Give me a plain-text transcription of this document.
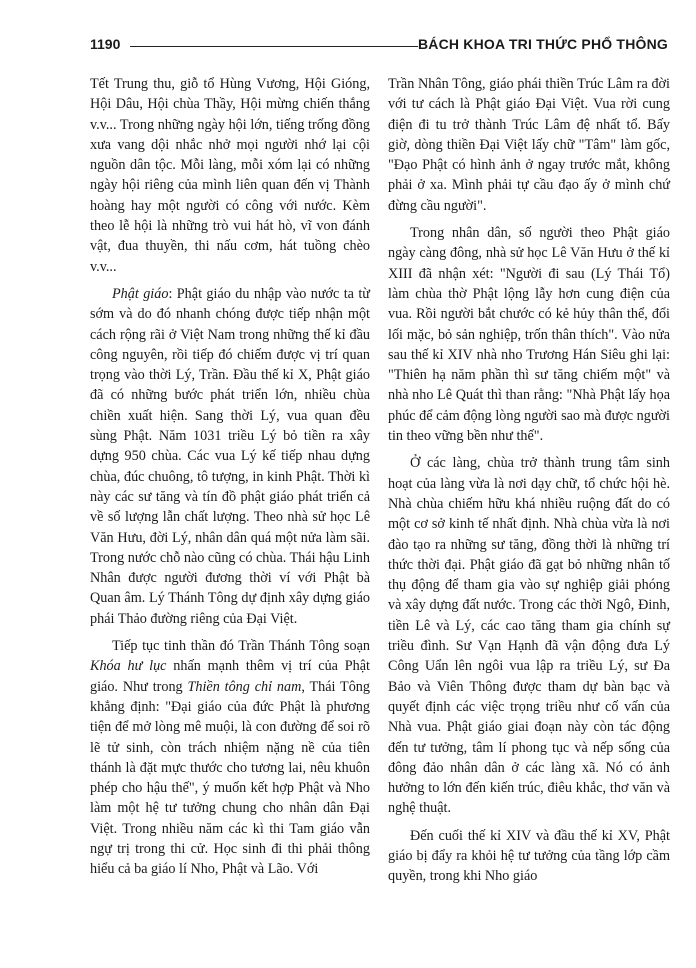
1190	BÁCH KHOA TRI THỨC PHỔ THÔNG

Tết Trung thu, giỗ tổ Hùng Vương, Hội Gióng, Hội Dâu, Hội chùa Thầy, Hội mừng chiến thắng v.v... Trong những ngày hội lớn, tiếng trống đồng xưa vang dội nhắc nhở mọi người nhớ lại cội nguồn dân tộc. Mỗi làng, mỗi xóm lại có những ngày hội riêng của mình liên quan đến vị Thành hoàng hay một người có công với nước. Kèm theo lễ hội là những trò vui hát hò, vĩ von đánh vật, đua thuyền, thi nấu cơm, hát tuồng chèo v.v...

Phật giáo: Phật giáo du nhập vào nước ta từ sớm và do đó nhanh chóng được tiếp nhận một cách rộng rãi ở Việt Nam trong những thế kỉ đầu công nguyên, rồi tiếp đó chiếm được vị trí quan trọng vào thời Lý, Trần. Đầu thế kỉ X, Phật giáo đã có những bước phát triển lớn, nhiều chùa chiền xuất hiện. Sang thời Lý, vua quan đều sùng Phật. Năm 1031 triều Lý bỏ tiền ra xây dựng 950 chùa. Các vua Lý kế tiếp nhau dựng chùa, đúc chuông, tô tượng, in kinh Phật. Thời kì này các sư tăng và tín đồ phật giáo phát triển cả về số lượng lẫn chất lượng. Theo nhà sử học Lê Văn Hưu, đời Lý, nhân dân quá một nửa làm sãi. Trong nước chỗ nào cũng có chùa. Thái hậu Linh Nhân được người đương thời ví với Phật bà Quan âm. Lý Thánh Tông dự định xây dựng giáo phái Thảo đường riêng của Đại Việt.

Tiếp tục tinh thần đó Trần Thánh Tông soạn Khóa hư lục nhấn mạnh thêm vị trí của Phật giáo. Như trong Thiền tông chỉ nam, Thái Tông khẳng định: "Đại giáo của đức Phật là phương tiện để mở lòng mê muội, là con đường để soi rõ lẽ tử sinh, còn trách nhiệm nặng nề của tiên thánh là đặt mực thước cho tương lai, nêu khuôn phép cho hậu thế", ý muốn kết hợp Phật và Nho làm một hệ tư tưởng chung cho nhân dân Đại Việt. Trong nhiều năm các kì thi Tam giáo vẫn ngự trị trong thi cử. Học sinh đi thi phải thông hiểu cả ba giáo lí Nho, Phật và Lão. Với

Trần Nhân Tông, giáo phái thiền Trúc Lâm ra đời với tư cách là Phật giáo Đại Việt. Vua rời cung điện đi tu trở thành Trúc Lâm đệ nhất tổ. Bấy giờ, dòng thiền Đại Việt lấy chữ "Tâm" làm gốc, "Đạo Phật có hình ảnh ở ngay trước mắt, không phải ở xa. Mình phải tự cầu đạo ấy ở mình chứ đừng cầu người".

Trong nhân dân, số người theo Phật giáo ngày càng đông, nhà sử học Lê Văn Hưu ở thế kỉ XIII đã nhận xét: "Người đi sau (Lý Thái Tổ) làm chùa thờ Phật lộng lẫy hơn cung điện của vua. Rồi người bắt chước có kẻ hủy thân thể, đổi lối mặc, bỏ sản nghiệp, trốn thân thích". Vào nửa sau thế kỉ XIV nhà nho Trương Hán Siêu ghi lại: "Thiên hạ năm phần thì sư tăng chiếm một" và nhà nho Lê Quát thì than rằng: "Nhà Phật lấy họa phúc để cảm động lòng người sao mà được người tin theo vững bền như thế".

Ở các làng, chùa trở thành trung tâm sinh hoạt của làng vừa là nơi dạy chữ, tổ chức hội hè. Nhà chùa chiếm hữu khá nhiều ruộng đất do có một cơ sở kinh tế nhất định. Nhà chùa vừa là nơi đào tạo ra những sư tăng, đồng thời là những trí thức thời đại. Phật giáo đã gạt bỏ những nhân tố thụ động để tham gia vào sự nghiệp giải phóng và xây dựng đất nước. Trong các thời Ngô, Đinh, tiền Lê và Lý, các cao tăng tham gia chính sự triều đình. Sư Vạn Hạnh đã vận động đưa Lý Công Uẩn lên ngôi vua lập ra triều Lý, sư Đa Bảo và Viên Thông được tham dự bàn bạc và quyết định các việc trọng triều như cố vấn của Nhà vua. Phật giáo giai đoạn này còn tác động đến tư tưởng, tâm lí phong tục và nếp sống của đông đảo nhân dân ở các làng xã. Nó có ảnh hưởng to lớn đến kiến trúc, điêu khắc, thơ văn và nghệ thuật.

Đến cuối thế kỉ XIV và đầu thế kỉ XV, Phật giáo bị đẩy ra khỏi hệ tư tưởng của tầng lớp cầm quyền, trong khi Nho giáo
